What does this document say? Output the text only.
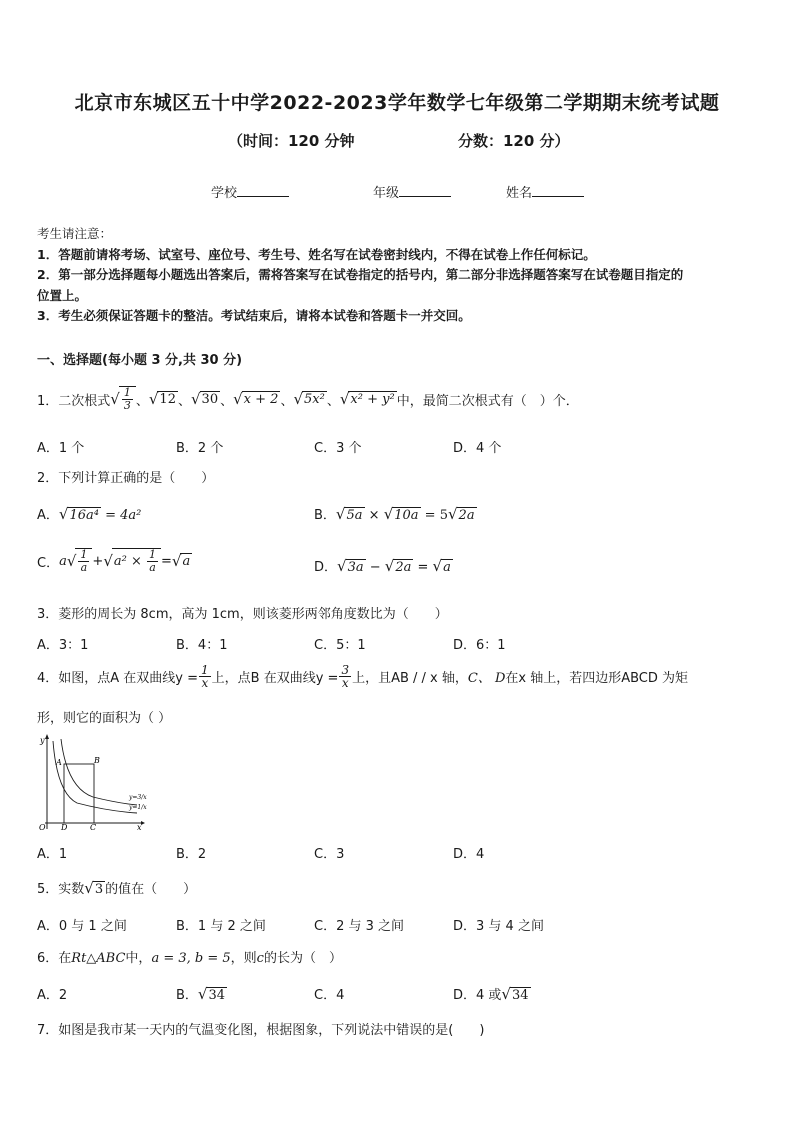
北京市东城区五十中学2022-2023学年数学七年级第二学期期末统考试题
（时间：120 分钟	分数：120 分）
学校	年级	姓名
考生请注意：
1．答题前请将考场、试室号、座位号、考生号、姓名写在试卷密封线内，不得在试卷上作任何标记。
2．第一部分选择题每小题选出答案后，需将答案写在试卷指定的括号内，第二部分非选择题答案写在试卷题目指定的
位置上。
3．考生必须保证答题卡的整洁。考试结束后，请将本试卷和答题卡一并交回。
一、选择题(每小题 3 分,共 30 分)
1．二次根式 √ $\frac{1}{3}$ 、 √ 12 、 √ 30 、 √ x + 2 、 √ 5x² 、 √ x² + y² 中，最简二次根式有（　）个．
A．1 个	B．2 个	C．3 个	D．4 个
2．下列计算正确的是（　　）
A．√16a⁴ = 4a²	B．√5a × √10a = 5√2a
C． a √ $\frac{1}{a}$ + √ $a^2 \times \frac{1}{a}$ = √ a	D．√3a − √2a = √a
3．菱形的周长为 8cm，高为 1cm，则该菱形两邻角度数比为（　　）
A．3：1	B．4：1	C．5：1	D．6：1
4．如图，点A 在双曲线$y = \frac{1}{x}$ 上，点B 在双曲线$y = \frac{3}{x}$ 上，且AB / / x 轴， C、 D 在x 轴上，若四边形ABCD 为矩
形，则它的面积为（ ）
y
x
O
A	B
D	C
y=3/x
y=1/x
A．1	B．2	C．3	D．4
5．实数√3 的值在（　　）
A．0 与 1 之间	B．1 与 2 之间	C．2 与 3 之间	D．3 与 4 之间
6．在Rt△ABC中，a = 3, b = 5，则c的长为（　）
A．2	B．√34	C．4	D．4 或√34
7．如图是我市某一天内的气温变化图，根据图象，下列说法中错误的是(　　)
